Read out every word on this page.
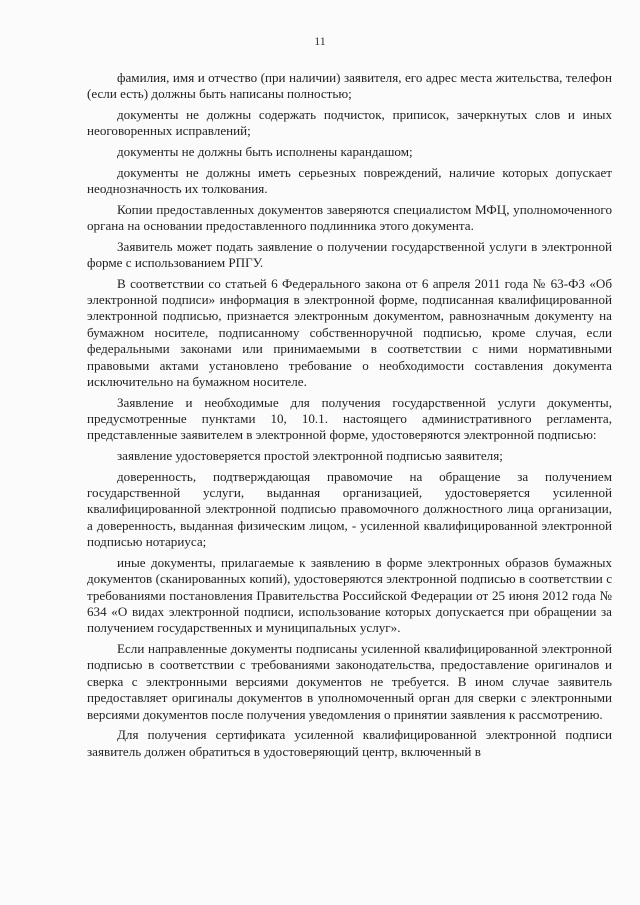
11

фамилия, имя и отчество (при наличии) заявителя, его адрес места жительства, телефон (если есть) должны быть написаны полностью;

документы не должны содержать подчисток, приписок, зачеркнутых слов и иных неоговоренных исправлений;

документы не должны быть исполнены карандашом;

документы не должны иметь серьезных повреждений, наличие которых допускает неоднозначность их толкования.

Копии предоставленных документов заверяются специалистом МФЦ, уполномоченного органа на основании предоставленного подлинника этого документа.

Заявитель может подать заявление о получении государственной услуги в электронной форме с использованием РПГУ.

В соответствии со статьей 6 Федерального закона от 6 апреля 2011 года № 63-ФЗ «Об электронной подписи» информация в электронной форме, подписанная квалифицированной электронной подписью, признается электронным документом, равнозначным документу на бумажном носителе, подписанному собственноручной подписью, кроме случая, если федеральными законами или принимаемыми в соответствии с ними нормативными правовыми актами установлено требование о необходимости составления документа исключительно на бумажном носителе.

Заявление и необходимые для получения государственной услуги документы, предусмотренные пунктами 10, 10.1. настоящего административного регламента, представленные заявителем в электронной форме, удостоверяются электронной подписью:

заявление удостоверяется простой электронной подписью заявителя;

доверенность, подтверждающая правомочие на обращение за получением государственной услуги, выданная организацией, удостоверяется усиленной квалифицированной электронной подписью правомочного должностного лица организации, а доверенность, выданная физическим лицом, - усиленной квалифицированной электронной подписью нотариуса;

иные документы, прилагаемые к заявлению в форме электронных образов бумажных документов (сканированных копий), удостоверяются электронной подписью в соответствии с требованиями постановления Правительства Российской Федерации от 25 июня 2012 года № 634 «О видах электронной подписи, использование которых допускается при обращении за получением государственных и муниципальных услуг».

Если направленные документы подписаны усиленной квалифицированной электронной подписью в соответствии с требованиями законодательства, предоставление оригиналов и сверка с электронными версиями документов не требуется. В ином случае заявитель предоставляет оригиналы документов в уполномоченный орган для сверки с электронными версиями документов после получения уведомления о принятии заявления к рассмотрению.

Для получения сертификата усиленной квалифицированной электронной подписи заявитель должен обратиться в удостоверяющий центр, включенный в
